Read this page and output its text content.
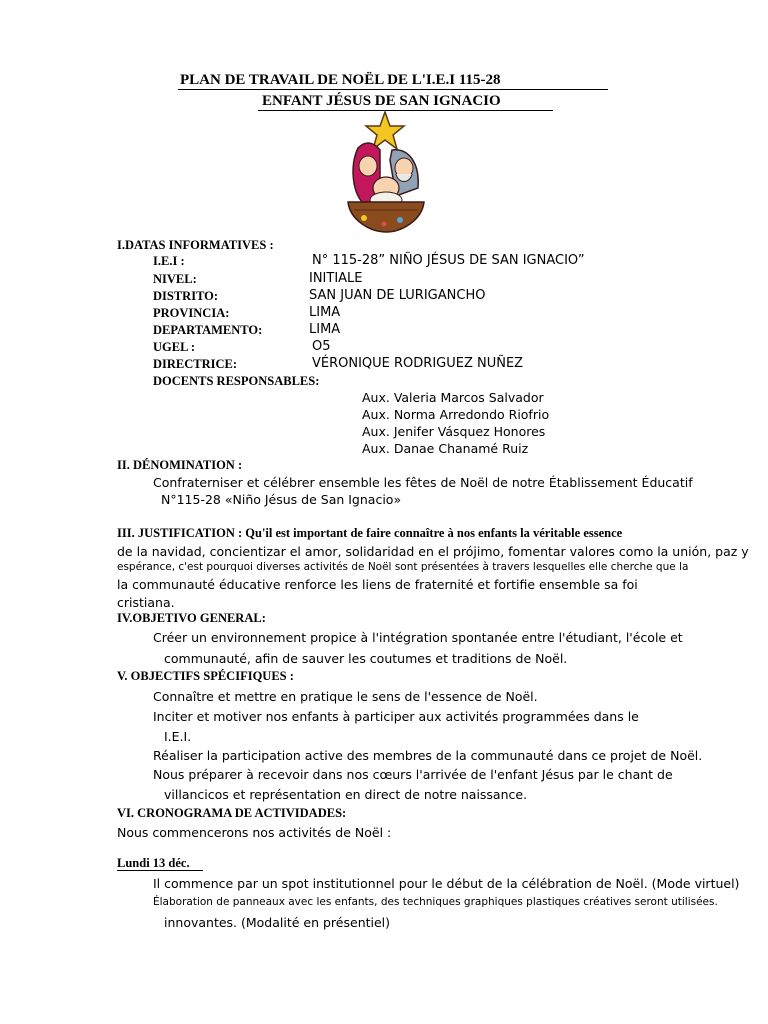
PLAN DE TRAVAIL DE NOËL DE L'I.E.I 115-28
ENFANT JÉSUS DE SAN IGNACIO
I.DATAS INFORMATIVES :
I.E.I :	N° 115-28” NIÑO JÉSUS DE SAN IGNACIO”
NIVEL:	INITIALE
DISTRITO:	SAN JUAN DE LURIGANCHO
PROVINCIA:	LIMA
DEPARTAMENTO:	LIMA
UGEL :	O5
DIRECTRICE:	VÉRONIQUE RODRIGUEZ NUÑEZ
DOCENTS RESPONSABLES:
Aux. Valeria Marcos Salvador
Aux. Norma Arredondo Riofrio
Aux. Jenifer Vásquez Honores
Aux. Danae Chanamé Ruiz
II. DÉNOMINATION :
Confraterniser et célébrer ensemble les fêtes de Noël de notre Établissement Éducatif
N°115-28 «Niño Jésus de San Ignacio»
III. JUSTIFICATION : Qu'il est important de faire connaître à nos enfants la véritable essence
de la navidad, concientizar el amor, solidaridad en el prójimo, fomentar valores como la unión, paz y
espérance, c'est pourquoi diverses activités de Noël sont présentées à travers lesquelles elle cherche que la
la communauté éducative renforce les liens de fraternité et fortifie ensemble sa foi
cristiana.
IV.OBJETIVO GENERAL:
Créer un environnement propice à l'intégration spontanée entre l'étudiant, l'école et
communauté, afin de sauver les coutumes et traditions de Noël.
V. OBJECTIFS SPÉCIFIQUES :
Connaître et mettre en pratique le sens de l'essence de Noël.
Inciter et motiver nos enfants à participer aux activités programmées dans le
I.E.I.
Réaliser la participation active des membres de la communauté dans ce projet de Noël.
Nous préparer à recevoir dans nos cœurs l'arrivée de l'enfant Jésus par le chant de
villancicos et représentation en direct de notre naissance.
VI. CRONOGRAMA DE ACTIVIDADES:
Nous commencerons nos activités de Noël :
Lundi 13 déc.
Il commence par un spot institutionnel pour le début de la célébration de Noël. (Mode virtuel)
Élaboration de panneaux avec les enfants, des techniques graphiques plastiques créatives seront utilisées.
innovantes. (Modalité en présentiel)
